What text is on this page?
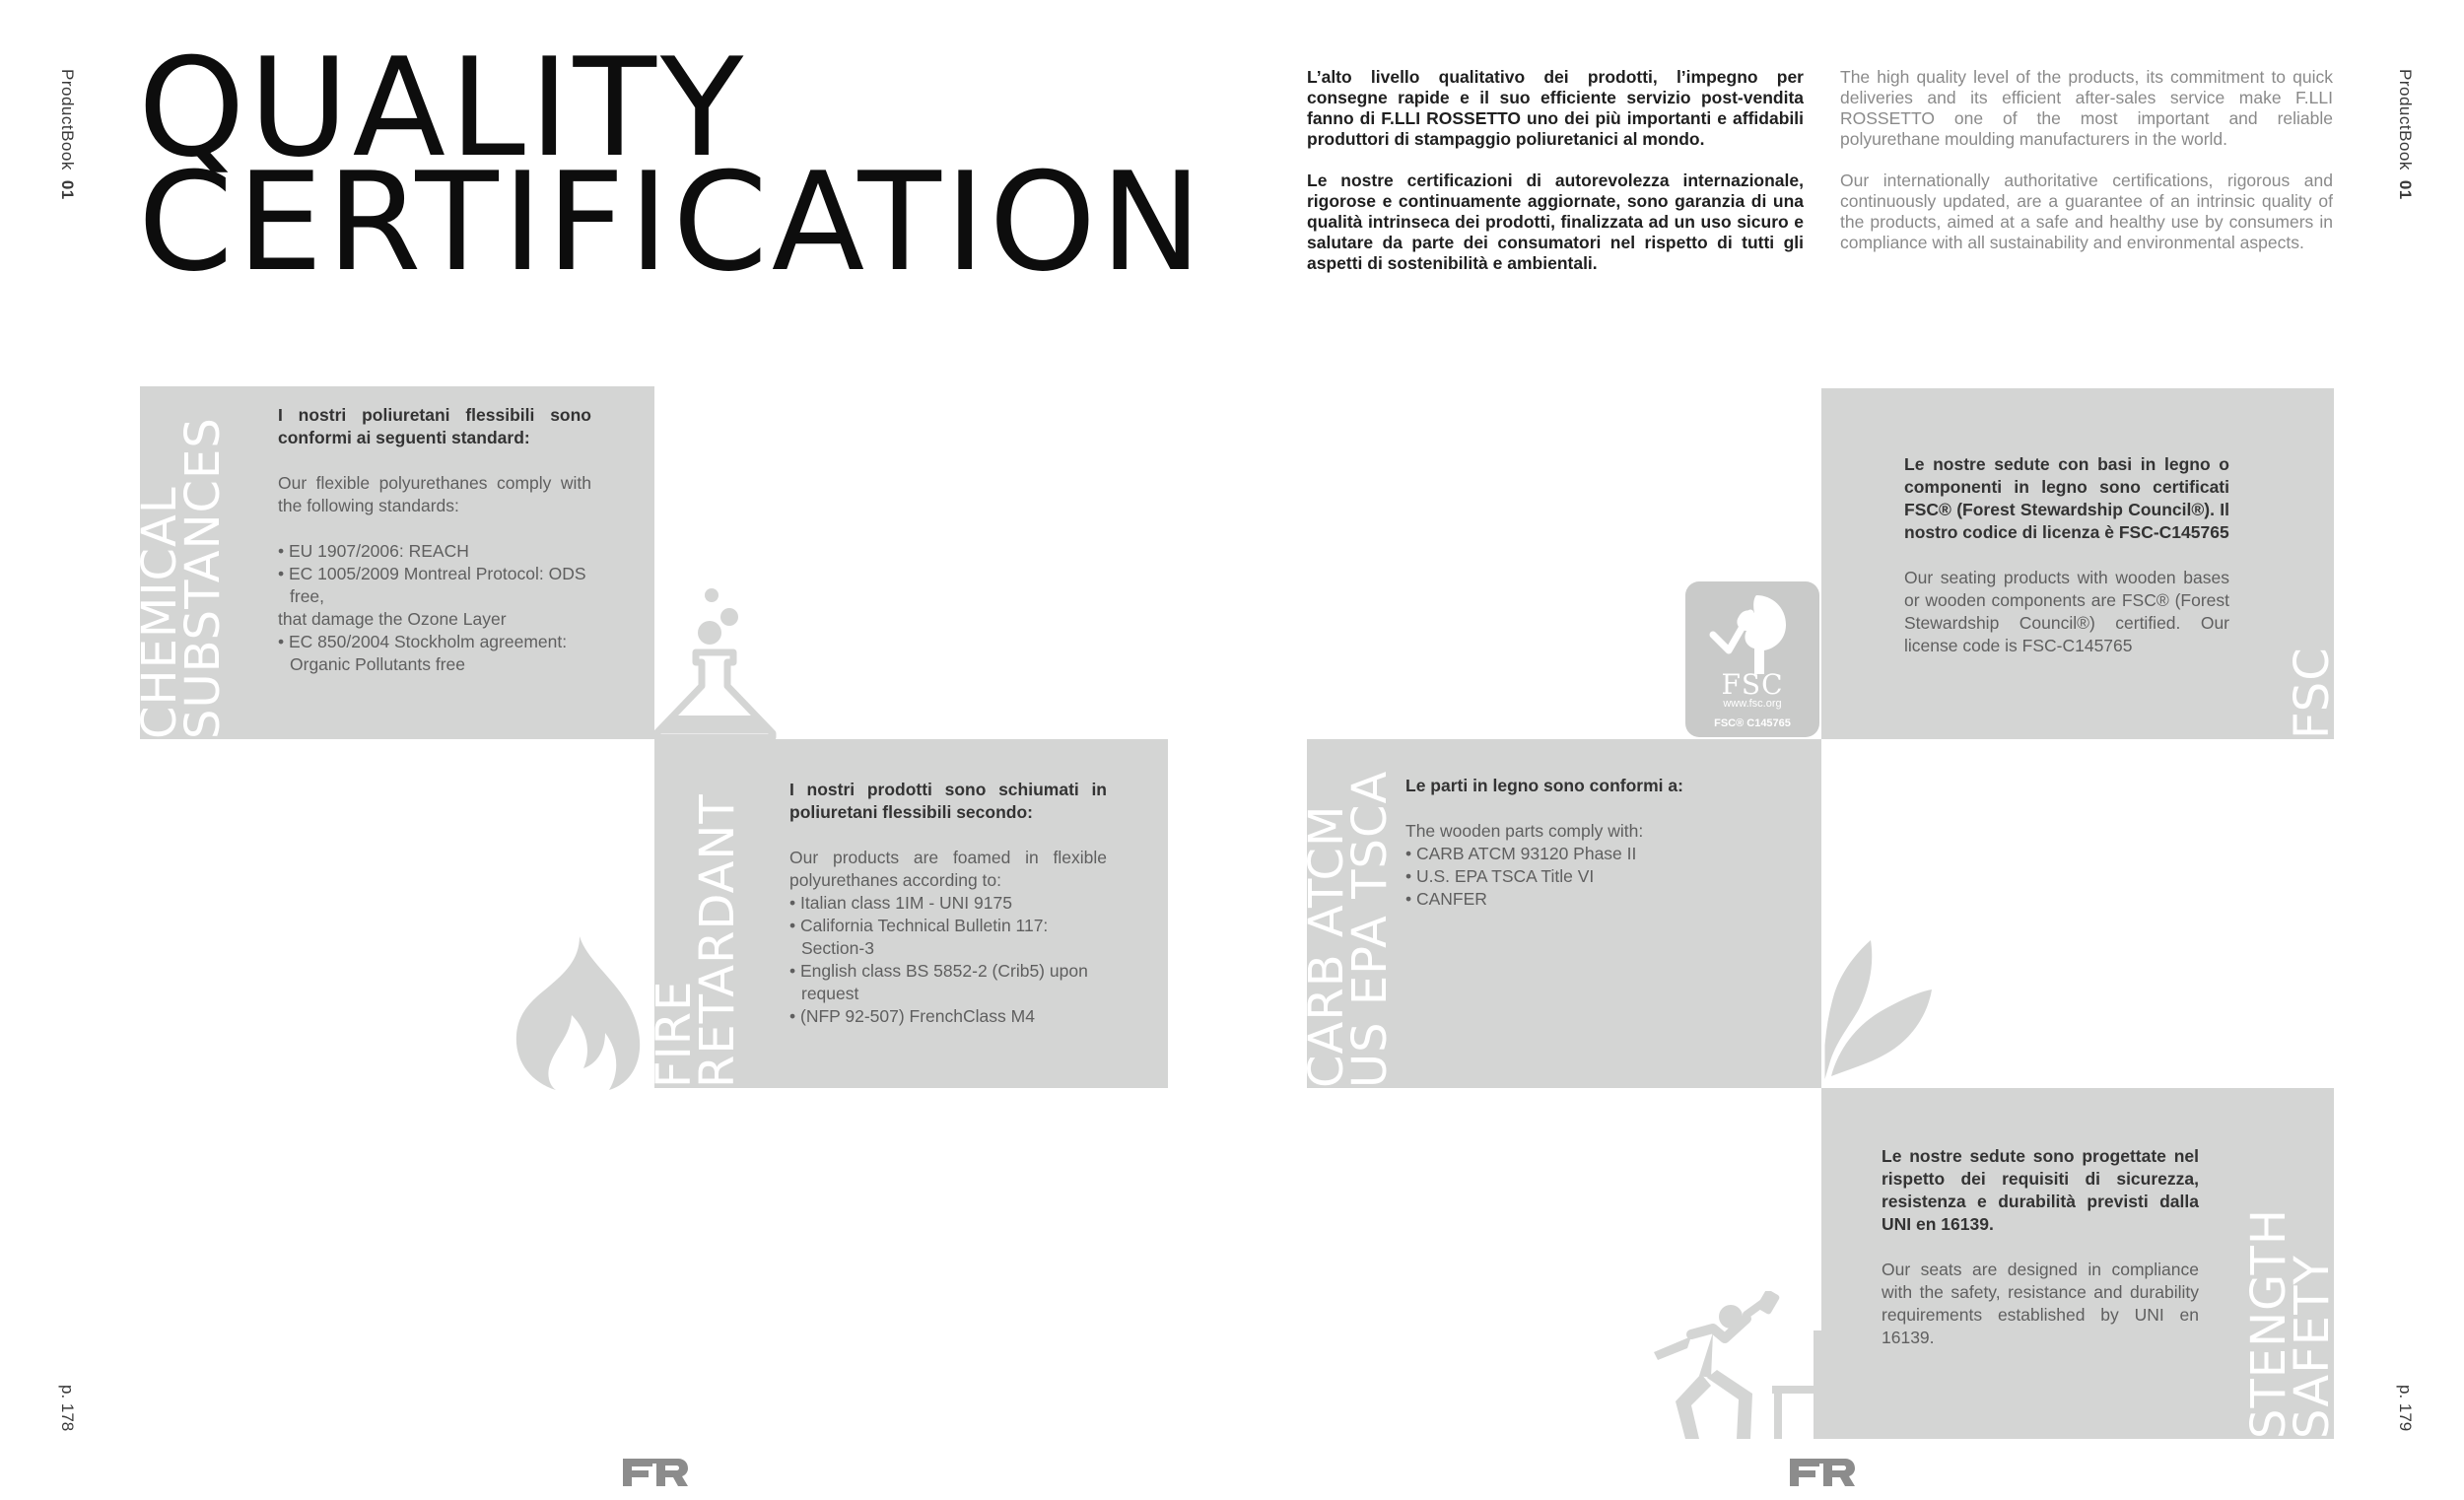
ProductBook01
ProductBook01
QUALITY
CERTIFICATION

L’alto livello qualitativo dei prodotti, l’impegno per consegne rapide e il suo efficiente servizio post-vendita fanno di F.LLI ROSSETTO uno dei più importanti e affidabili produttori di stampaggio poliuretanici al mondo.

Le nostre certificazioni di autorevolezza internazionale, rigorose e continuamente aggiornate, sono garanzia di una qualità intrinseca dei prodotti, finalizzata ad un uso sicuro e salutare da parte dei consumatori nel rispetto di tutti gli aspetti di sostenibilità e ambientali.

The high quality level of the products, its commitment to quick deliveries and its efficient after-sales service make F.LLI ROSSETTO one of the most important and reliable polyurethane moulding manufacturers in the world.

Our internationally authoritative certifications, rigorous and continuously updated, are a guarantee of an intrinsic quality of the products, aimed at a safe and healthy use by consumers in compliance with all sustainability and environmental aspects.

CHEMICAL
SUBSTANCES
I nostri poliuretani flessibili sono conformi ai seguenti standard:
Our flexible polyurethanes comply with the following standards:
• EU 1907/2006: REACH
• EC 1005/2009 Montreal Protocol: ODS free,
that damage the Ozone Layer
• EC 850/2004 Stockholm agreement: Organic Pollutants free
FIRE
RETARDANT
I nostri prodotti sono schiumati in poliuretani flessibili secondo:
Our products are foamed in flexible polyurethanes according to:
• Italian class 1IM - UNI 9175
• California Technical Bulletin 117: Section-3
• English class BS 5852-2 (Crib5) upon request
• (NFP 92-507) FrenchClass M4
Le nostre sedute con basi in legno o componenti in legno sono certificati FSC® (Forest Stewardship Council®). Il nostro codice di licenza è FSC-C145765
Our seating products with wooden bases or wooden components are FSC® (Forest Stewardship Council®) certified. Our license code is FSC-C145765
FSC
FSC
www.fsc.org
FSC® C145765
CARB ATCM
US EPA TSCA Le parti in legno sono conformi a:
The wooden parts comply with:
• CARB ATCM 93120 Phase II
• U.S. EPA TSCA Title VI
• CANFER
Le nostre sedute sono progettate nel rispetto dei requisiti di sicurezza, resistenza e durabilità previsti dalla UNI en 16139.
Our seats are designed in compliance with the safety, resistance and durability requirements established by UNI en 16139.	STENGTH
SAFETY
p. 178	p. 179
